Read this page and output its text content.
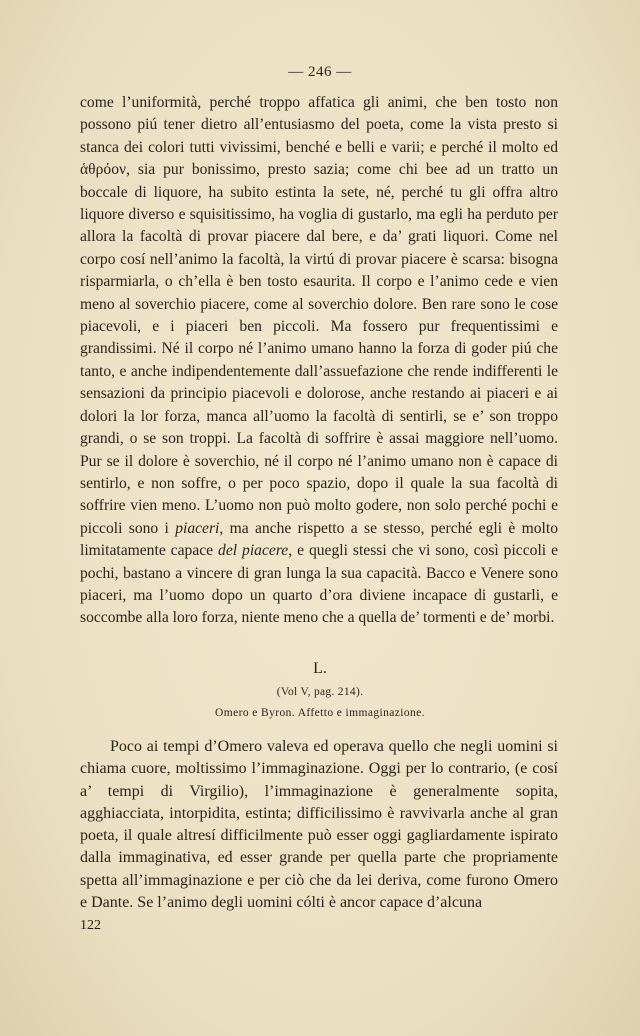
— 246 —

come l’uniformità, perché troppo affatica gli animi, che ben tosto non possono piú tener dietro all’entusiasmo del poeta, come la vista presto si stanca dei colori tutti vivissimi, benché e belli e varii; e perché il molto ed ἁθρόον, sia pur bonissimo, presto sazia; come chi bee ad un tratto un boccale di liquore, ha subito estinta la sete, né, perché tu gli offra altro liquore diverso e squisitissimo, ha voglia di gustarlo, ma egli ha perduto per allora la facoltà di provar piacere dal bere, e da’ grati liquori. Come nel corpo cosí nell’animo la facoltà, la virtú di provar piacere è scarsa: bisogna risparmiarla, o ch’ella è ben tosto esaurita. Il corpo e l’animo cede e vien meno al soverchio piacere, come al soverchio dolore. Ben rare sono le cose piacevoli, e i piaceri ben piccoli. Ma fossero pur frequentissimi e grandissimi. Né il corpo né l’animo umano hanno la forza di goder piú che tanto, e anche indipendentemente dall’assuefazione che rende indifferenti le sensazioni da principio piacevoli e dolorose, anche restando ai piaceri e ai dolori la lor forza, manca all’uomo la facoltà di sentirli, se e’ son troppo grandi, o se son troppi. La facoltà di soffrire è assai maggiore nell’uomo. Pur se il dolore è soverchio, né il corpo né l’animo umano non è capace di sentirlo, e non soffre, o per poco spazio, dopo il quale la sua facoltà di soffrire vien meno. L’uomo non può molto godere, non solo perché pochi e piccoli sono i piaceri, ma anche rispetto a se stesso, perché egli è molto limitatamente capace del piacere, e quegli stessi che vi sono, così piccoli e pochi, bastano a vincere di gran lunga la sua capacità. Bacco e Venere sono piaceri, ma l’uomo dopo un quarto d’ora diviene incapace di gustarli, e soccombe alla loro forza, niente meno che a quella de’ tormenti e de’ morbi.

L.
(Vol V, pag. 214).
Omero e Byron. Affetto e immaginazione.

Poco ai tempi d’Omero valeva ed operava quello che negli uomini si chiama cuore, moltissimo l’immaginazione. Oggi per lo contrario, (e cosí a’ tempi di Virgilio), l’immaginazione è generalmente sopita, agghiacciata, intorpidita, estinta; difficilissimo è ravvivarla anche al gran poeta, il quale altresí difficilmente può esser oggi gagliardamente ispirato dalla immaginativa, ed esser grande per quella parte che propriamente spetta all’immaginazione e per ciò che da lei deriva, come furono Omero e Dante. Se l’animo degli uomini cólti è ancor capace d’alcuna

122
